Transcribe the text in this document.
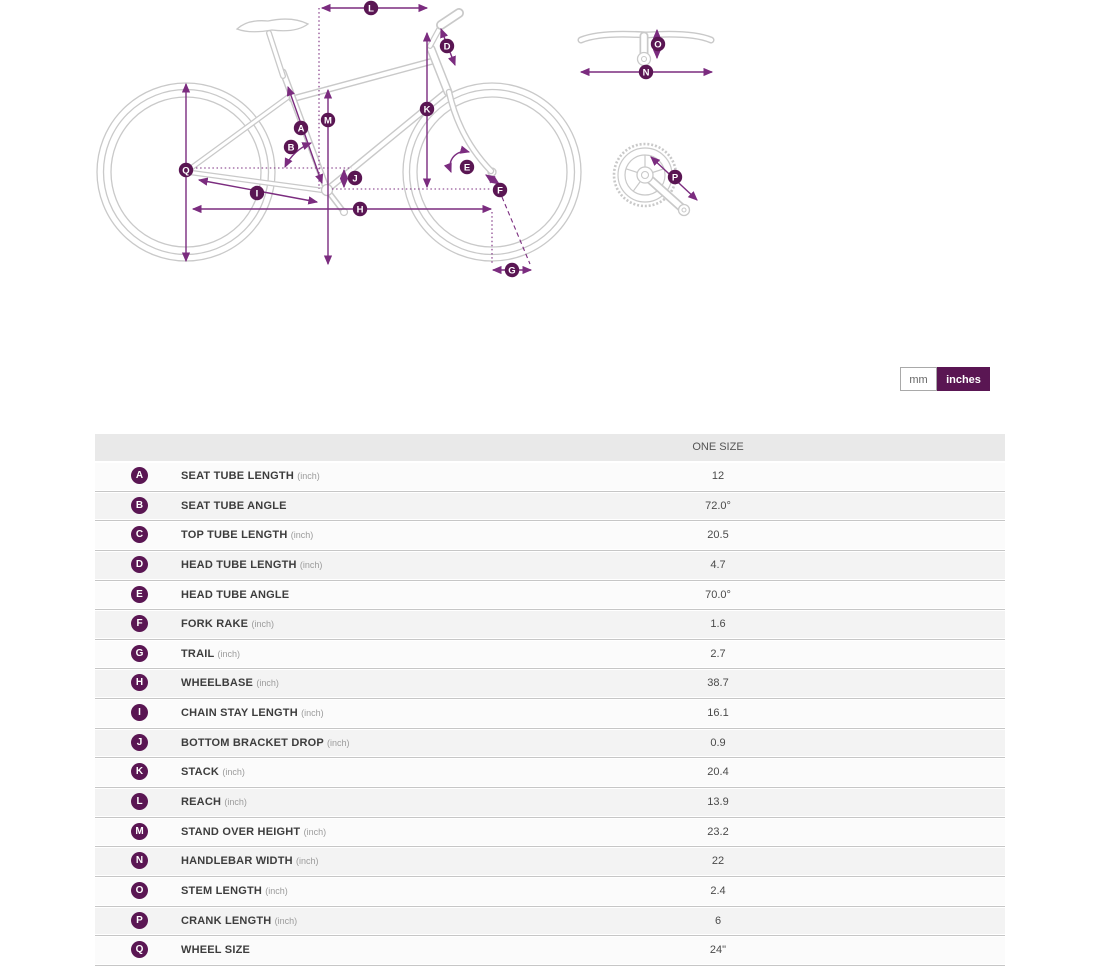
L
D
A
B
M
K
Q
I
J
H
E
F
G
O
N
P
mm	inches
ONE SIZE
A	SEAT TUBE LENGTH (inch)	12
B	SEAT TUBE ANGLE	72.0°
C	TOP TUBE LENGTH (inch)	20.5
D	HEAD TUBE LENGTH (inch)	4.7
E	HEAD TUBE ANGLE	70.0°
F	FORK RAKE (inch)	1.6
G	TRAIL (inch)	2.7
H	WHEELBASE (inch)	38.7
I	CHAIN STAY LENGTH (inch)	16.1
J	BOTTOM BRACKET DROP (inch)	0.9
K	STACK (inch)	20.4
L	REACH (inch)	13.9
M	STAND OVER HEIGHT (inch)	23.2
N	HANDLEBAR WIDTH (inch)	22
O	STEM LENGTH (inch)	2.4
P	CRANK LENGTH (inch)	6
Q	WHEEL SIZE	24"
